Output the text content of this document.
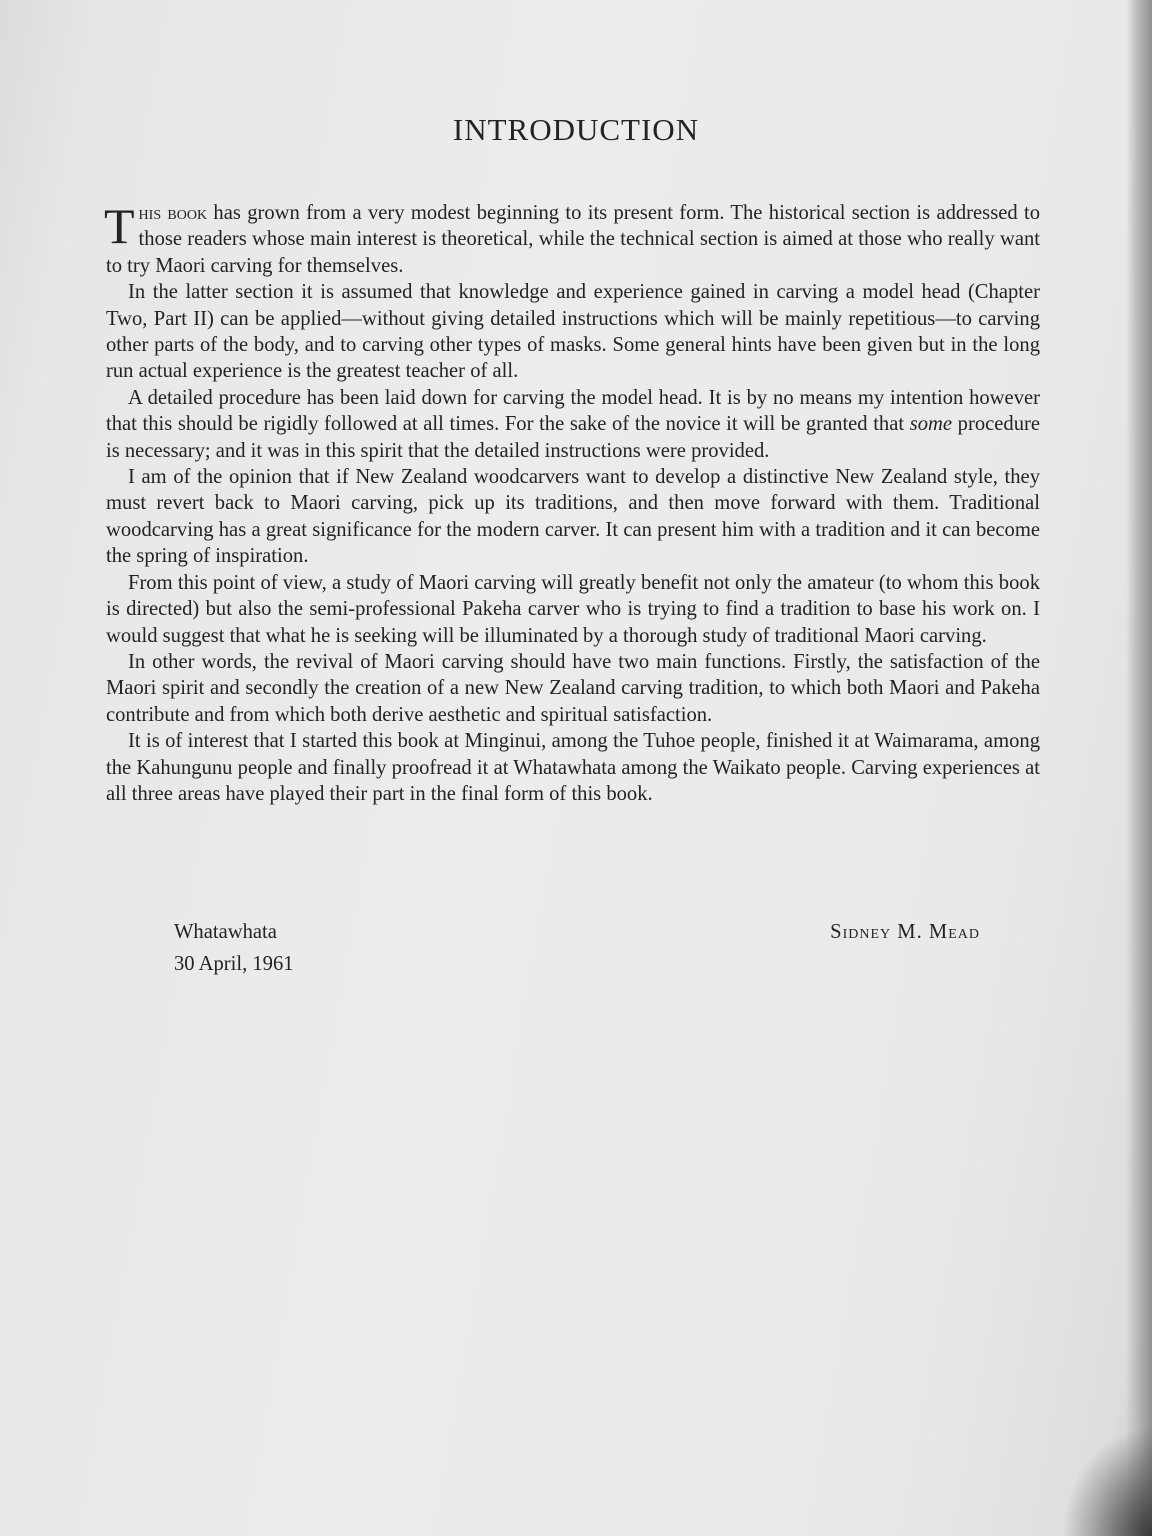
INTRODUCTION

This book has grown from a very modest beginning to its present form. The historical section is addressed to those readers whose main interest is theoretical, while the technical section is aimed at those who really want to try Maori carving for themselves.

In the latter section it is assumed that knowledge and experience gained in carving a model head (Chapter Two, Part II) can be applied—without giving detailed instructions which will be mainly repetitious—to carving other parts of the body, and to carving other types of masks. Some general hints have been given but in the long run actual experience is the greatest teacher of all.

A detailed procedure has been laid down for carving the model head. It is by no means my intention however that this should be rigidly followed at all times. For the sake of the novice it will be granted that some procedure is necessary; and it was in this spirit that the detailed instructions were provided.

I am of the opinion that if New Zealand woodcarvers want to develop a distinctive New Zealand style, they must revert back to Maori carving, pick up its traditions, and then move forward with them. Traditional woodcarving has a great significance for the modern carver. It can present him with a tradition and it can become the spring of inspiration.

From this point of view, a study of Maori carving will greatly benefit not only the amateur (to whom this book is directed) but also the semi-professional Pakeha carver who is trying to find a tradition to base his work on. I would suggest that what he is seeking will be illuminated by a thorough study of traditional Maori carving.

In other words, the revival of Maori carving should have two main functions. Firstly, the satisfaction of the Maori spirit and secondly the creation of a new New Zealand carving tradition, to which both Maori and Pakeha contribute and from which both derive aesthetic and spiritual satisfaction.

It is of interest that I started this book at Minginui, among the Tuhoe people, finished it at Waimarama, among the Kahungunu people and finally proofread it at Whatawhata among the Waikato people. Carving experiences at all three areas have played their part in the final form of this book.

Whatawhata
30 April, 1961
Sidney M. Mead
